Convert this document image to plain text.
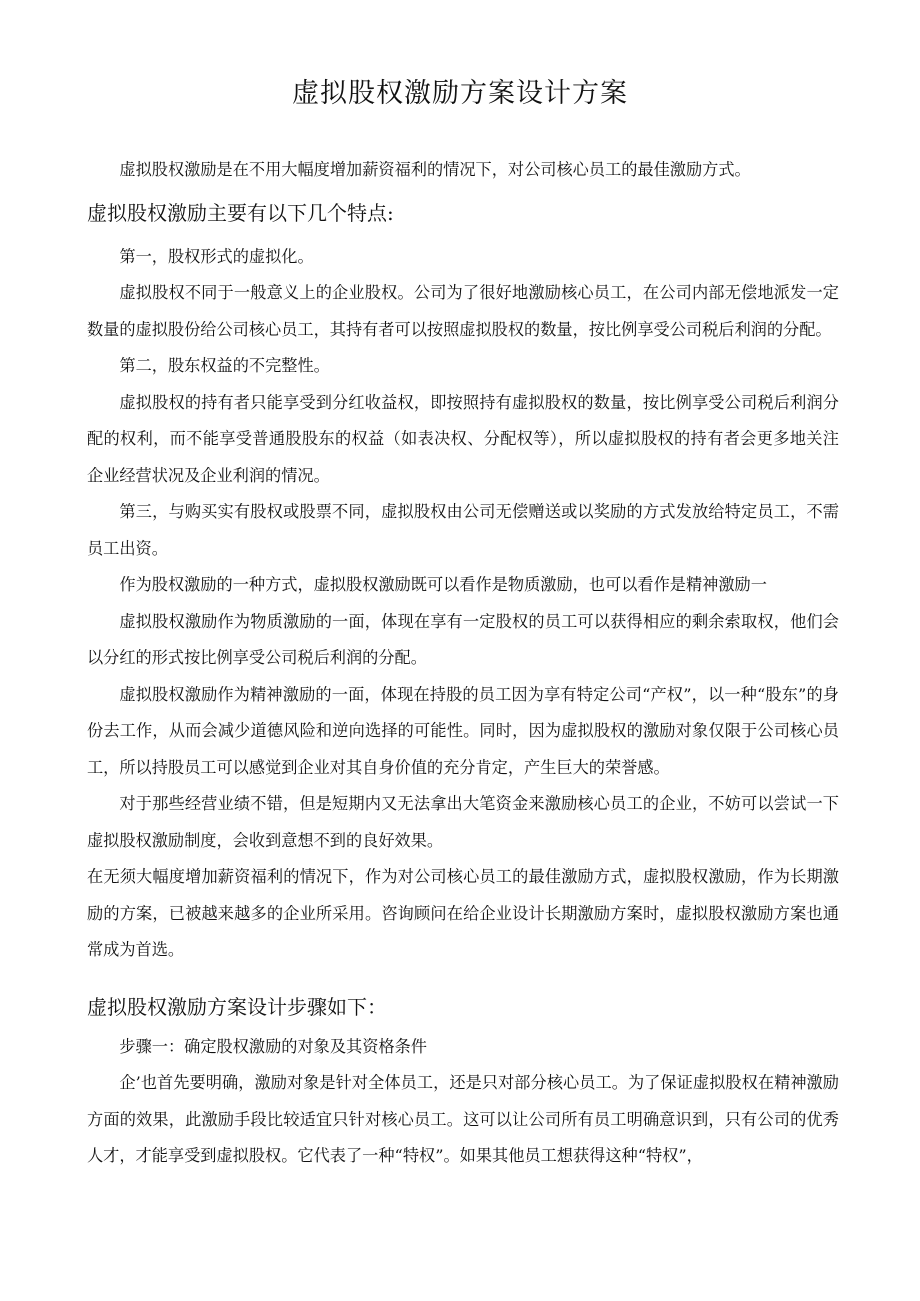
虚拟股权激励方案设计方案

虚拟股权激励是在不用大幅度增加薪资福利的情况下，对公司核心员工的最佳激励方式。

虚拟股权激励主要有以下几个特点:

第一，股权形式的虚拟化。

虚拟股权不同于一般意义上的企业股权。公司为了很好地激励核心员工，在公司内部无偿地派发一定数量的虚拟股份给公司核心员工，其持有者可以按照虚拟股权的数量，按比例享受公司税后利润的分配。

第二，股东权益的不完整性。

虚拟股权的持有者只能享受到分红收益权，即按照持有虚拟股权的数量，按比例享受公司税后利润分配的权利，而不能享受普通股股东的权益（如表决权、分配权等），所以虚拟股权的持有者会更多地关注企业经营状况及企业利润的情况。

第三，与购买实有股权或股票不同，虚拟股权由公司无偿赠送或以奖励的方式发放给特定员工，不需员工出资。

作为股权激励的一种方式，虚拟股权激励既可以看作是物质激励，也可以看作是精神激励一

虚拟股权激励作为物质激励的一面，体现在享有一定股权的员工可以获得相应的剩余索取权，他们会以分红的形式按比例享受公司税后利润的分配。

虚拟股权激励作为精神激励的一面，体现在持股的员工因为享有特定公司“产权”，以一种“股东”的身份去工作，从而会减少道德风险和逆向选择的可能性。同时，因为虚拟股权的激励对象仅限于公司核心员工，所以持股员工可以感觉到企业对其自身价值的充分肯定，产生巨大的荣誉感。

对于那些经营业绩不错，但是短期内又无法拿出大笔资金来激励核心员工的企业，不妨可以尝试一下虚拟股权激励制度，会收到意想不到的良好效果。

在无须大幅度增加薪资福利的情况下，作为对公司核心员工的最佳激励方式，虚拟股权激励，作为长期激励的方案，已被越来越多的企业所采用。咨询顾问在给企业设计长期激励方案时，虚拟股权激励方案也通常成为首选。

虚拟股权激励方案设计步骤如下：

步骤一：确定股权激励的对象及其资格条件

企’也首先要明确，激励对象是针对全体员工，还是只对部分核心员工。为了保证虚拟股权在精神激励方面的效果，此激励手段比较适宜只针对核心员工。这可以让公司所有员工明确意识到，只有公司的优秀人才，才能享受到虚拟股权。它代表了一种“特权”。如果其他员工想获得这种“特权”，
